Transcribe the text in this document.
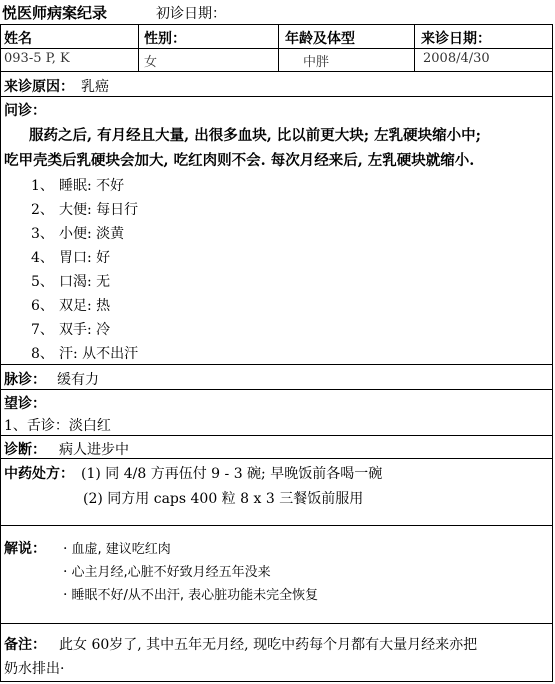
悦医师病案纪录	初诊日期：
姓名	性别：	年龄及体型	来诊日期：
093-5 P, K	女	中胖	2008/4/30
来诊原因： 乳癌
问诊：
服药之后, 有月经且大量, 出很多血块, 比以前更大块; 左乳硬块缩小中;
吃甲壳类后乳硬块会加大, 吃红肉则不会. 每次月经来后, 左乳硬块就缩小.
1、 睡眠: 不好
2、 大便: 每日行
3、 小便: 淡黄
4、 胃口: 好
5、 口渴: 无
6、 双足: 热
7、 双手: 冷
8、 汗: 从不出汗
脉诊： 缓有力
望诊：
1、舌诊：淡白红
诊断： 病人进步中
中药处方： (1) 同 4/8 方再伍付 9 - 3 碗; 早晚饭前各喝一碗
(2) 同方用 caps 400 粒 8 x 3 三餐饭前服用
解说： · 血虚, 建议吃红肉
· 心主月经,心脏不好致月经五年没来
· 睡眠不好/从不出汗, 表心脏功能未完全恢复
备注： 此女 60岁了, 其中五年无月经, 现吃中药每个月都有大量月经来亦把
奶水排出·
